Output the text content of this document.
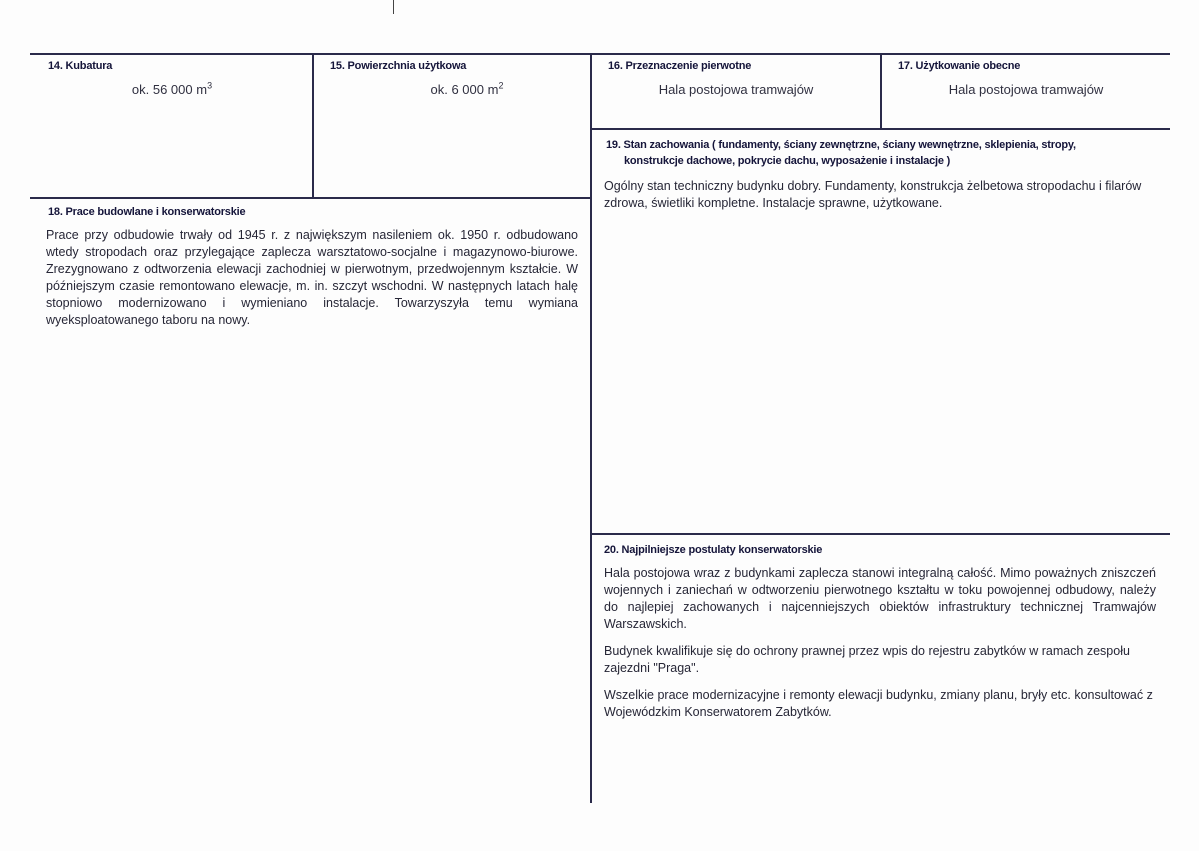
14. Kubatura
ok. 56 000 $m^3$
15. Powierzchnia użytkowa
ok. 6 000 $m^2$
16. Przeznaczenie pierwotne
Hala postojowa tramwajów
17. Użytkowanie obecne
Hala postojowa tramwajów
18. Prace budowlane i konserwatorskie
Prace przy odbudowie trwały od 1945 r. z największym nasileniem ok. 1950 r. odbudowano wtedy stropodach oraz przylegające zaplecza warsztatowo-socjalne i magazynowo-biurowe. Zrezygnowano z odtworzenia elewacji zachodniej w pierwotnym, przedwojennym kształcie. W późniejszym czasie remontowano elewacje, m. in. szczyt wschodni. W następnych latach halę stopniowo modernizowano i wymieniano instalacje. Towarzyszyła temu wymiana wyeksploatowanego taboru na nowy.
19. Stan zachowania ( fundamenty, ściany zewnętrzne, ściany wewnętrzne, sklepienia, stropy,
konstrukcje dachowe, pokrycie dachu, wyposażenie i instalacje )
Ogólny stan techniczny budynku dobry. Fundamenty, konstrukcja żelbetowa stropodachu i filarów zdrowa, świetliki kompletne. Instalacje sprawne, użytkowane.
20. Najpilniejsze postulaty konserwatorskie

Hala postojowa wraz z budynkami zaplecza stanowi integralną całość. Mimo poważnych zniszczeń wojennych i zaniechań w odtworzeniu pierwotnego kształtu w toku powojennej odbudowy, należy do najlepiej zachowanych i najcenniejszych obiektów infrastruktury technicznej Tramwajów Warszawskich.

Budynek kwalifikuje się do ochrony prawnej przez wpis do rejestru zabytków w ramach zespołu zajezdni "Praga".

Wszelkie prace modernizacyjne i remonty elewacji budynku, zmiany planu, bryły etc. konsultować z Wojewódzkim Konserwatorem Zabytków.
